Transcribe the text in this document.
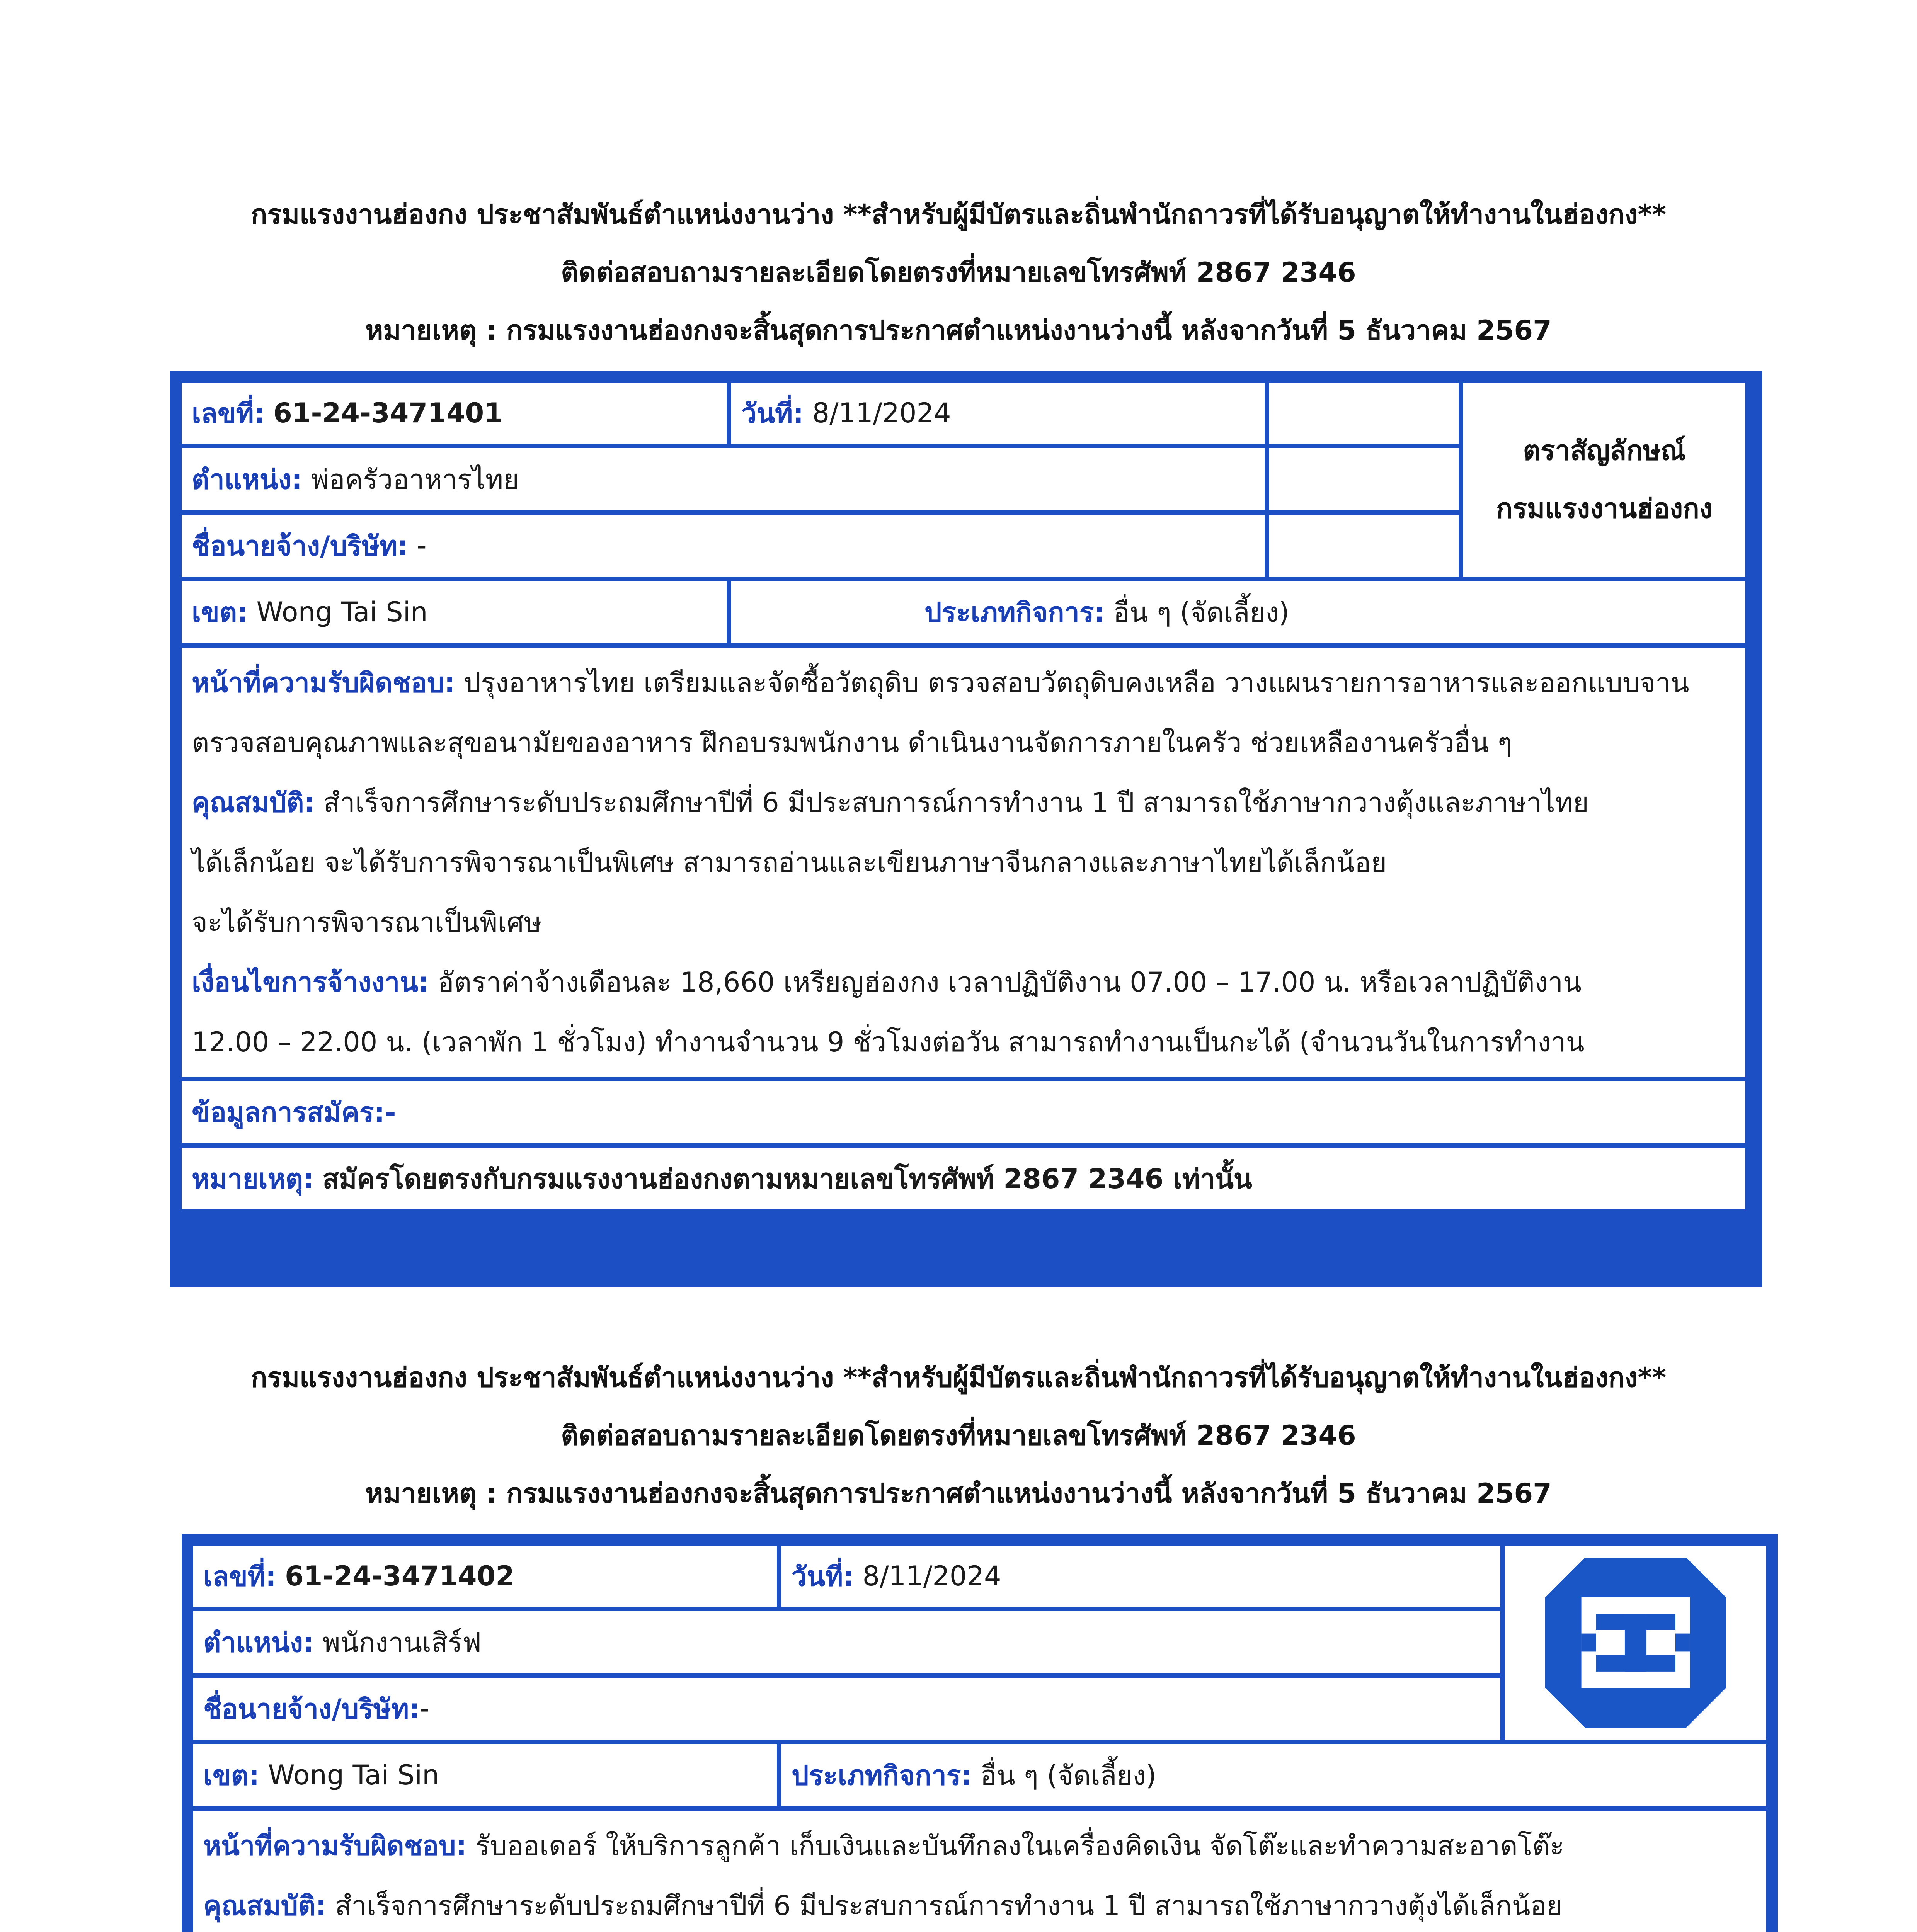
กรมแรงงานฮ่องกง ประชาสัมพันธ์ตำแหน่งงานว่าง **สำหรับผู้มีบัตรและถิ่นพำนักถาวรที่ได้รับอนุญาตให้ทำงานในฮ่องกง**
ติดต่อสอบถามรายละเอียดโดยตรงที่หมายเลขโทรศัพท์ 2867 2346
หมายเหตุ : กรมแรงงานฮ่องกงจะสิ้นสุดการประกาศตำแหน่งงานว่างนี้ หลังจากวันที่ 5 ธันวาคม 2567
เลขที่:
61-24-3471401	วันที่:
8/11/2024
ตราสัญลักษณ์
กรมแรงงานฮ่องกง
ตำแหน่ง:
พ่อครัวอาหารไทย
ชื่อนายจ้าง/บริษัท:
-
เขต:
Wong Tai Sin	ประเภทกิจการ:
อื่น ๆ (จัดเลี้ยง)

หน้าที่ความรับผิดชอบ: ปรุงอาหารไทย เตรียมและจัดซื้อวัตถุดิบ ตรวจสอบวัตถุดิบคงเหลือ วางแผนรายการอาหารและออกแบบจาน

ตรวจสอบคุณภาพและสุขอนามัยของอาหาร ฝึกอบรมพนักงาน ดำเนินงานจัดการภายในครัว ช่วยเหลืองานครัวอื่น ๆ

คุณสมบัติ: สำเร็จการศึกษาระดับประถมศึกษาปีที่ 6 มีประสบการณ์การทำงาน 1 ปี สามารถใช้ภาษากวางตุ้งและภาษาไทย

ได้เล็กน้อย จะได้รับการพิจารณาเป็นพิเศษ สามารถอ่านและเขียนภาษาจีนกลางและภาษาไทยได้เล็กน้อย

จะได้รับการพิจารณาเป็นพิเศษ

เงื่อนไขการจ้างงาน: อัตราค่าจ้างเดือนละ 18,660 เหรียญฮ่องกง เวลาปฏิบัติงาน 07.00 – 17.00 น. หรือเวลาปฏิบัติงาน

12.00 – 22.00 น. (เวลาพัก 1 ชั่วโมง) ทำงานจำนวน 9 ชั่วโมงต่อวัน สามารถทำงานเป็นกะได้ (จำนวนวันในการทำงาน

ข้อมูลการสมัคร:-
หมายเหตุ:
สมัครโดยตรงกับกรมแรงงานฮ่องกงตามหมายเลขโทรศัพท์ 2867 2346 เท่านั้น
กรมแรงงานฮ่องกง ประชาสัมพันธ์ตำแหน่งงานว่าง **สำหรับผู้มีบัตรและถิ่นพำนักถาวรที่ได้รับอนุญาตให้ทำงานในฮ่องกง**
ติดต่อสอบถามรายละเอียดโดยตรงที่หมายเลขโทรศัพท์ 2867 2346
หมายเหตุ : กรมแรงงานฮ่องกงจะสิ้นสุดการประกาศตำแหน่งงานว่างนี้ หลังจากวันที่ 5 ธันวาคม 2567
เลขที่:
61-24-3471402	วันที่:
8/11/2024
ตำแหน่ง:
พนักงานเสิร์ฟ
ชื่อนายจ้าง/บริษัท: -
เขต:
Wong Tai Sin	ประเภทกิจการ:
อื่น ๆ (จัดเลี้ยง)

หน้าที่ความรับผิดชอบ: รับออเดอร์ ให้บริการลูกค้า เก็บเงินและบันทึกลงในเครื่องคิดเงิน จัดโต๊ะและทำความสะอาดโต๊ะ

คุณสมบัติ: สำเร็จการศึกษาระดับประถมศึกษาปีที่ 6 มีประสบการณ์การทำงาน 1 ปี สามารถใช้ภาษากวางตุ้งได้เล็กน้อย
